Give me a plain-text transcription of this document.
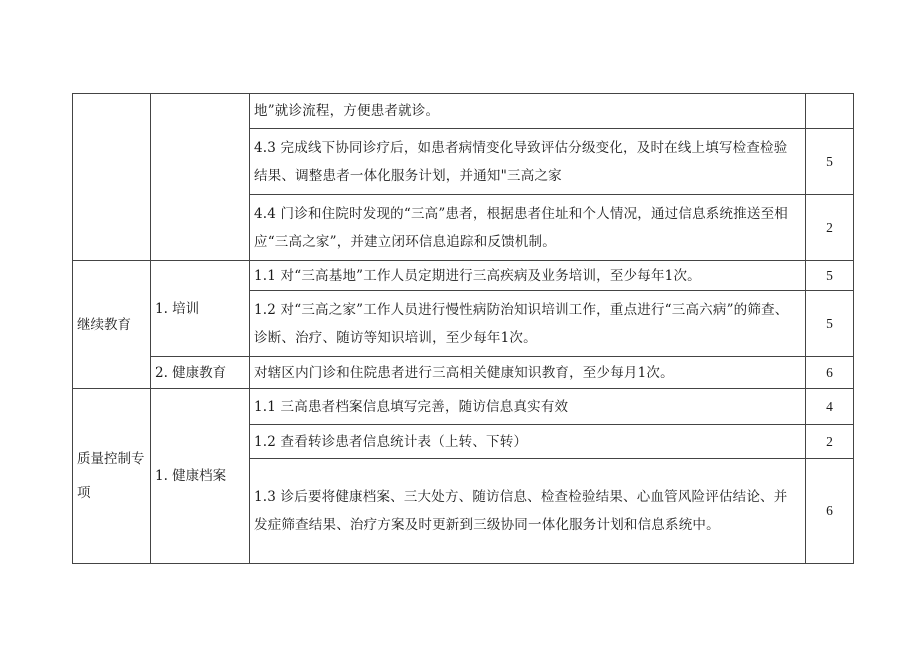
		地”就诊流程，方便患者就诊。	
		4.3 完成线下协同诊疗后，如患者病情变化导致评估分级变化，及时在线上填写检查检验结果、调整患者一体化服务计划，并通知"三高之家	5
		4.4 门诊和住院时发现的“三高”患者，根据患者住址和个人情况，通过信息系统推送至相应“三高之家”，并建立闭环信息追踪和反馈机制。	2
继续教育	1. 培训	1.1 对“三高基地”工作人员定期进行三高疾病及业务培训，至少每年1次。	5
		1.2 对“三高之家”工作人员进行慢性病防治知识培训工作，重点进行“三高六病”的筛查、诊断、治疗、随访等知识培训，至少每年1次。	5
	2. 健康教育	对辖区内门诊和住院患者进行三高相关健康知识教育，至少每月1次。	6

质量控制专项	1. 健康档案	1.1 三高患者档案信息填写完善，随访信息真实有效	4
		1.2 查看转诊患者信息统计表（上转、下转）	2
		1.3 诊后要将健康档案、三大处方、随访信息、检查检验结果、心血管风险评估结论、并发症筛查结果、治疗方案及时更新到三级协同一体化服务计划和信息系统中。	6
